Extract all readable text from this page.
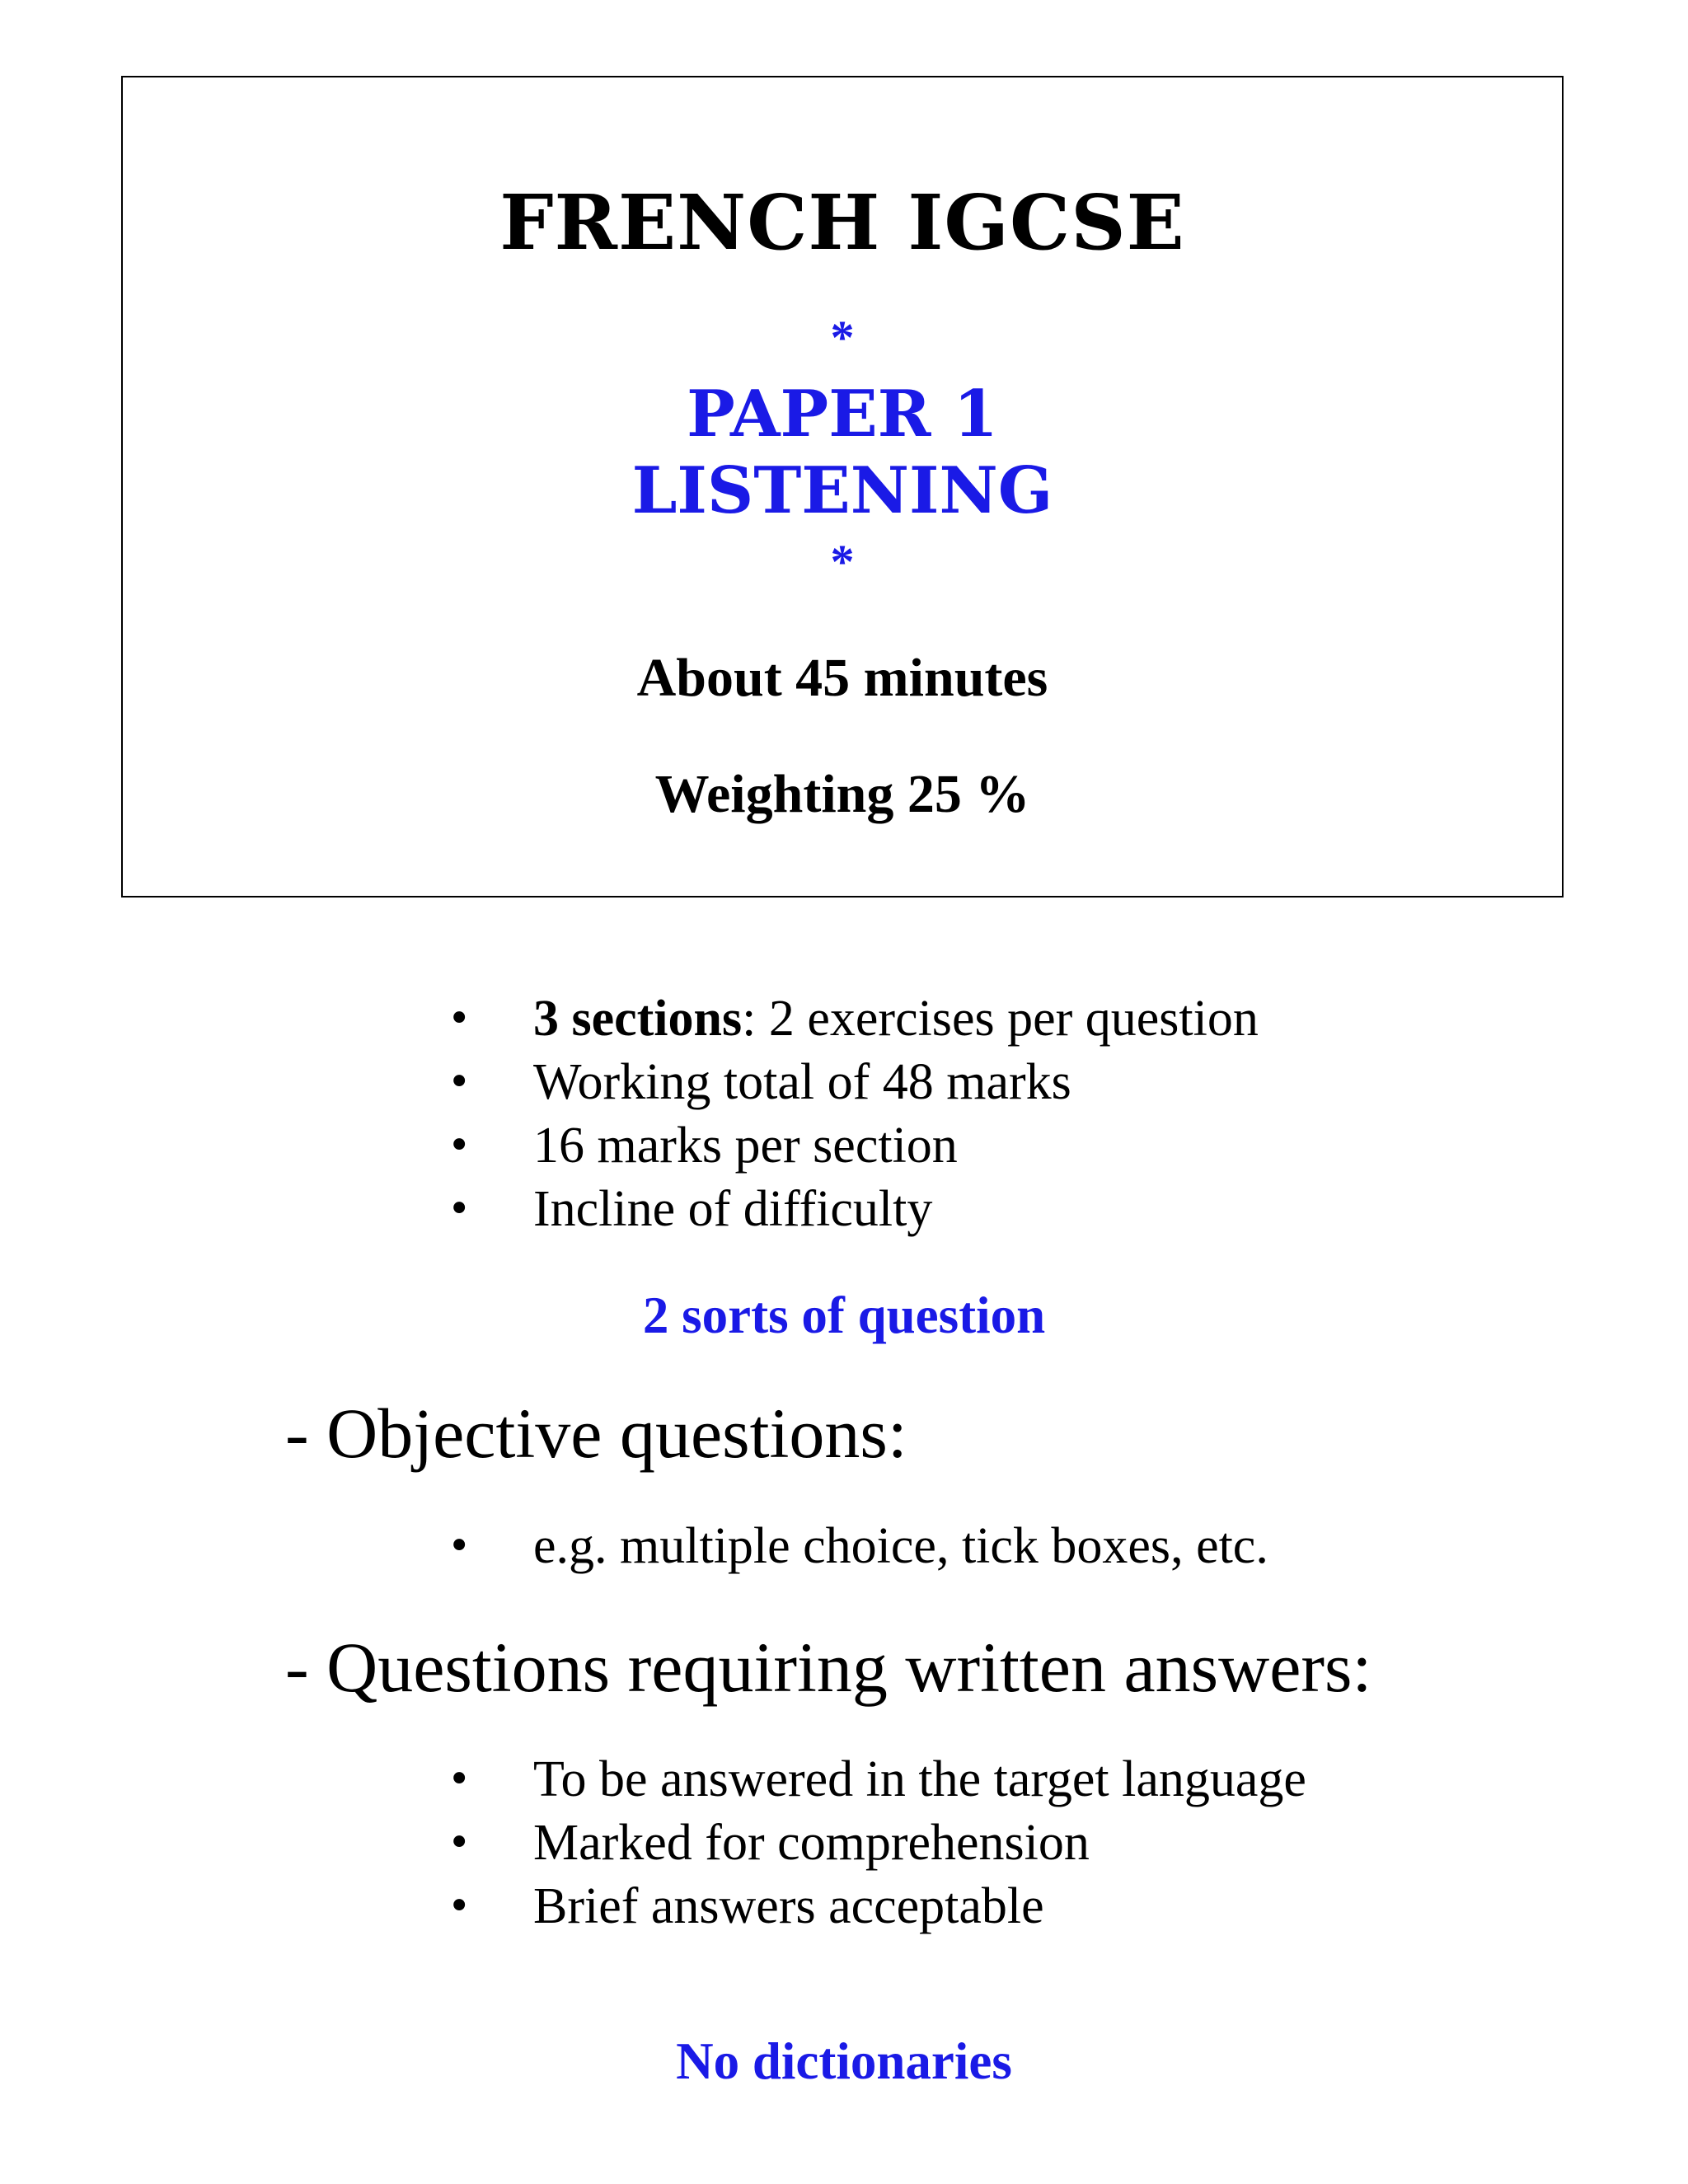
FRENCH IGCSE
*
PAPER 1
LISTENING
*
About 45 minutes
Weighting 25 %
• 3 sections: 2 exercises per question
• Working total of 48 marks
• 16 marks per section
• Incline of difficulty
2 sorts of question
- Objective questions:
• e.g. multiple choice, tick boxes, etc.
- Questions requiring written answers:
• To be answered in the target language
• Marked for comprehension
• Brief answers acceptable
No dictionaries
